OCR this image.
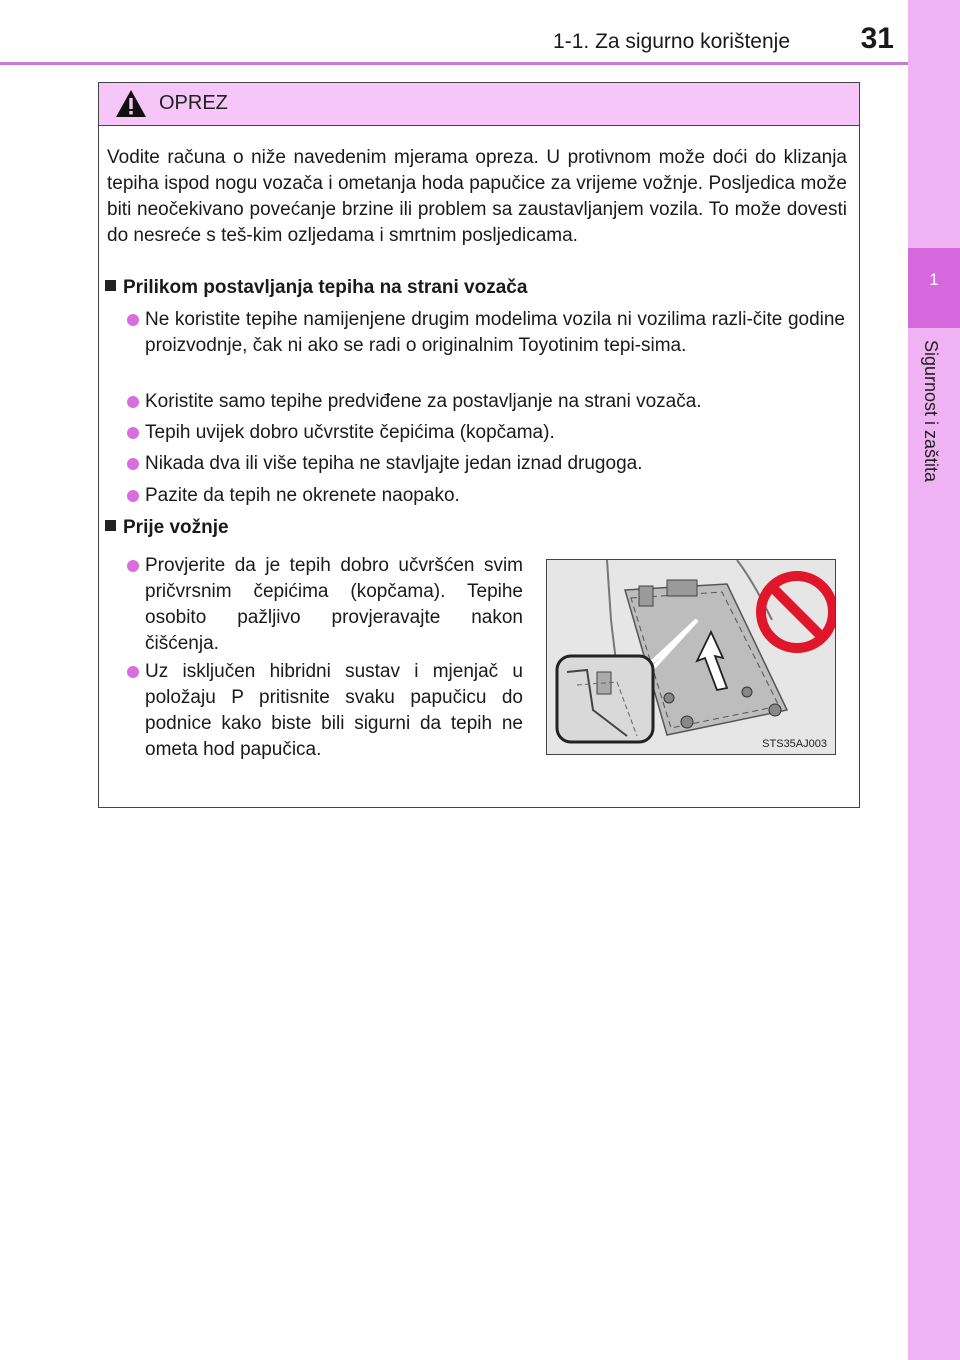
1-1. Za sigurno korištenje 31
1
Sigurnost i zaštita
OPREZ
Vodite računa o niže navedenim mjerama opreza. U protivnom može doći do klizanja tepiha ispod nogu vozača i ometanja hoda papučice za vrijeme vožnje. Posljedica može biti neočekivano povećanje brzine ili problem sa zaustavljanjem vozila. To može dovesti do nesreće s teš-kim ozljedama i smrtnim posljedicama.
Prilikom postavljanja tepiha na strani vozača
Ne koristite tepihe namijenjene drugim modelima vozila ni vozilima razli-čite godine proizvodnje, čak ni ako se radi o originalnim Toyotinim tepi-sima.
Koristite samo tepihe predviđene za postavljanje na strani vozača.
Tepih uvijek dobro učvrstite čepićima (kopčama).
Nikada dva ili više tepiha ne stavljajte jedan iznad drugoga.
Pazite da tepih ne okrenete naopako.
Prije vožnje
Provjerite da je tepih dobro učvršćen svim pričvrsnim čepićima (kopčama). Tepihe osobito pažljivo provjeravajte nakon čišćenja.
Uz isključen hibridni sustav i mjenjač u položaju P pritisnite svaku papučicu do podnice kako biste bili sigurni da tepih ne ometa hod papučica.	STS35AJ003
